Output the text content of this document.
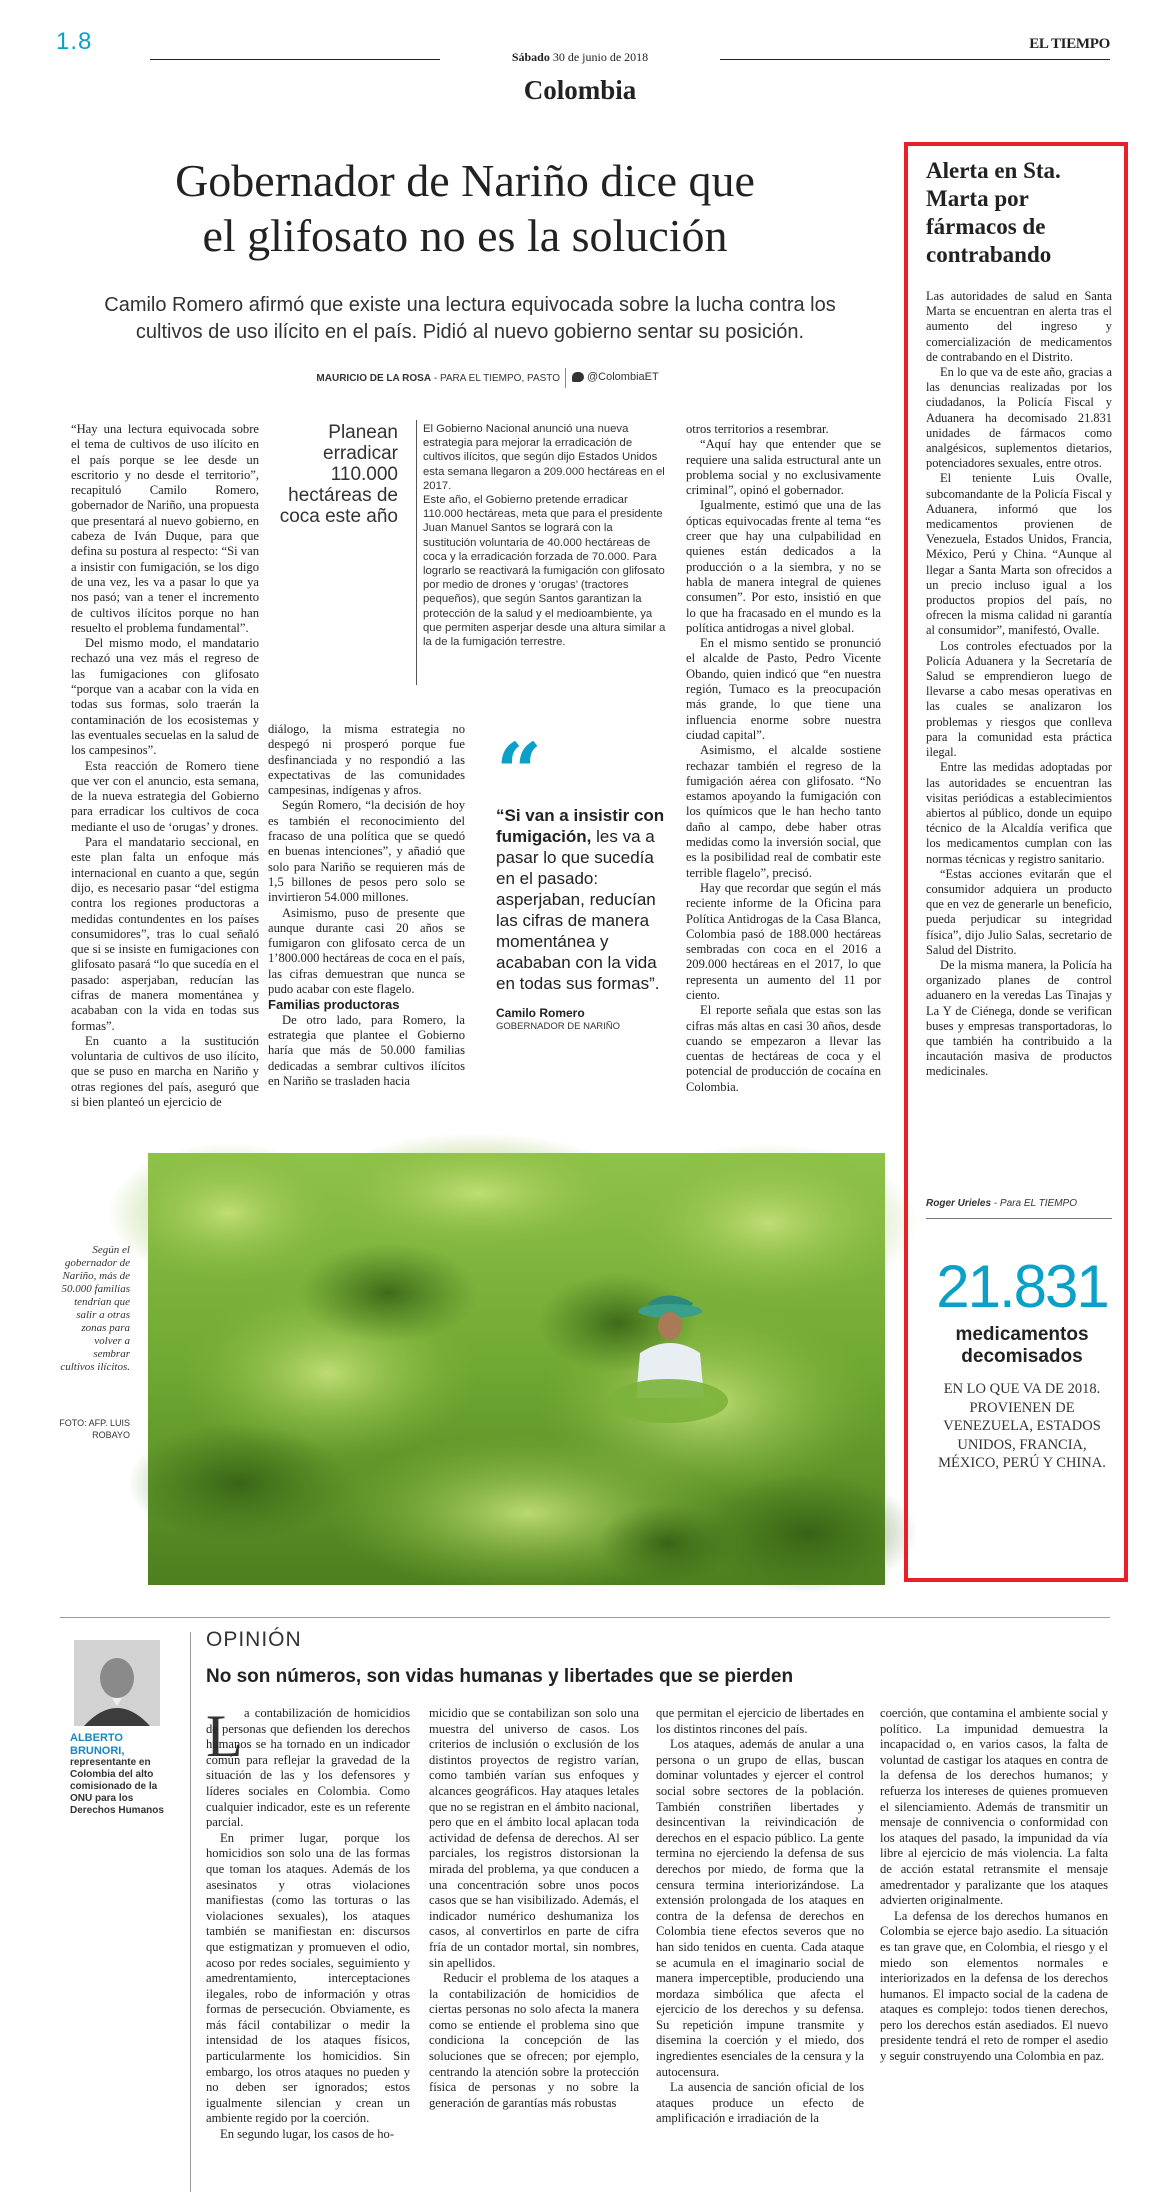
1.8
Sábado 30 de junio de 2018
EL TIEMPO
Colombia
Gobernador de Nariño dice que
el glifosato no es la solución
Camilo Romero afirmó que existe una lectura equivocada sobre la lucha contra los cultivos de uso ilícito en el país. Pidió al nuevo gobierno sentar su posición.
MAURICIO DE LA ROSA - PARA EL TIEMPO, PASTO	@ColombiaET

“Hay una lectura equivocada sobre el tema de cultivos de uso ilícito en el país porque se lee desde un escritorio y no desde el territorio”, recapituló Camilo Romero, gobernador de Nariño, una propuesta que presentará al nuevo gobierno, en cabeza de Iván Duque, para que defina su postura al respecto: “Si van a insistir con fumigación, se los digo de una vez, les va a pasar lo que ya nos pasó; van a tener el incremento de cultivos ilícitos porque no han resuelto el problema fundamental”.

Del mismo modo, el mandatario rechazó una vez más el regreso de las fumigaciones con glifosato “porque van a acabar con la vida en todas sus formas, solo traerán la contaminación de los ecosistemas y las eventuales secuelas en la salud de los campesinos”.

Esta reacción de Romero tiene que ver con el anuncio, esta semana, de la nueva estrategia del Gobierno para erradicar los cultivos de coca mediante el uso de ‘orugas’ y drones.

Para el mandatario seccional, en este plan falta un enfoque más internacional en cuanto a que, según dijo, es necesario pasar “del estigma contra los regiones productoras a medidas contundentes en los países consumidores”, tras lo cual señaló que si se insiste en fumigaciones con glifosato pasará “lo que sucedía en el pasado: asperjaban, reducían las cifras de manera momentánea y acababan con la vida en todas sus formas”.

En cuanto a la sustitución voluntaria de cultivos de uso ilícito, que se puso en marcha en Nariño y otras regiones del país, aseguró que si bien planteó un ejercicio de

Planean erradicar 110.000 hectáreas de coca este año

El Gobierno Nacional anunció una nueva estrategia para mejorar la erradicación de cultivos ilícitos, que según dijo Estados Unidos esta semana llegaron a 209.000 hectáreas en el 2017.

Este año, el Gobierno pretende erradicar 110.000 hectáreas, meta que para el presidente Juan Manuel Santos se logrará con la sustitución voluntaria de 40.000 hectáreas de coca y la erradicación forzada de 70.000. Para lograrlo se reactivará la fumigación con glifosato por medio de drones y ‘orugas’ (tractores pequeños), que según Santos garantizan la protección de la salud y el medioambiente, ya que permiten asperjar desde una altura similar a la de la fumigación terrestre.

diálogo, la misma estrategia no despegó ni prosperó porque fue desfinanciada y no respondió a las expectativas de las comunidades campesinas, indígenas y afros.

Según Romero, “la decisión de hoy es también el reconocimiento del fracaso de una política que se quedó en buenas intenciones”, y añadió que solo para Nariño se requieren más de 1,5 billones de pesos pero solo se invirtieron 54.000 millones.

Asimismo, puso de presente que aunque durante casi 20 años se fumigaron con glifosato cerca de un 1’800.000 hectáreas de coca en el país, las cifras demuestran que nunca se pudo acabar con este flagelo.

Familias productoras

De otro lado, para Romero, la estrategia que plantee el Gobierno haría que más de 50.000 familias dedicadas a sembrar cultivos ilícitos en Nariño se trasladen hacia

“
“Si van a insistir con fumigación, les va a pasar lo que sucedía en el pasado: asperjaban, reducían las cifras de manera momentánea y acababan con la vida en todas sus formas”.
Camilo Romero
GOBERNADOR DE NARIÑO

otros territorios a resembrar.

“Aquí hay que entender que se requiere una salida estructural ante un problema social y no exclusivamente criminal”, opinó el gobernador.

Igualmente, estimó que una de las ópticas equivocadas frente al tema “es creer que hay una culpabilidad en quienes están dedicados a la producción o a la siembra, y no se habla de manera integral de quienes consumen”. Por esto, insistió en que lo que ha fracasado en el mundo es la política antidrogas a nivel global.

En el mismo sentido se pronunció el alcalde de Pasto, Pedro Vicente Obando, quien indicó que “en nuestra región, Tumaco es la preocupación más grande, lo que tiene una influencia enorme sobre nuestra ciudad capital”.

Asimismo, el alcalde sostiene rechazar también el regreso de la fumigación aérea con glifosato. “No estamos apoyando la fumigación con los químicos que le han hecho tanto daño al campo, debe haber otras medidas como la inversión social, que es la posibilidad real de combatir este terrible flagelo”, precisó.

Hay que recordar que según el más reciente informe de la Oficina para Política Antidrogas de la Casa Blanca, Colombia pasó de 188.000 hectáreas sembradas con coca en el 2016 a 209.000 hectáreas en el 2017, lo que representa un aumento del 11 por ciento.

El reporte señala que estas son las cifras más altas en casi 30 años, desde cuando se empezaron a llevar las cuentas de hectáreas de coca y el potencial de producción de cocaína en Colombia.

Según el gobernador de Nariño, más de 50.000 familias tendrían que salir a otras zonas para volver a sembrar cultivos ilícitos.
FOTO: AFP. LUIS ROBAYO
Alerta en Sta. Marta por fármacos de contrabando

Las autoridades de salud en Santa Marta se encuentran en alerta tras el aumento del ingreso y comercialización de medicamentos de contrabando en el Distrito.

En lo que va de este año, gracias a las denuncias realizadas por los ciudadanos, la Policía Fiscal y Aduanera ha decomisado 21.831 unidades de fármacos como analgésicos, suplementos dietarios, potenciadores sexuales, entre otros.

El teniente Luis Ovalle, subcomandante de la Policía Fiscal y Aduanera, informó que los medicamentos provienen de Venezuela, Estados Unidos, Francia, México, Perú y China. “Aunque al llegar a Santa Marta son ofrecidos a un precio incluso igual a los productos propios del país, no ofrecen la misma calidad ni garantía al consumidor”, manifestó, Ovalle.

Los controles efectuados por la Policía Aduanera y la Secretaría de Salud se emprendieron luego de llevarse a cabo mesas operativas en las cuales se analizaron los problemas y riesgos que conlleva para la comunidad esta práctica ilegal.

Entre las medidas adoptadas por las autoridades se encuentran las visitas periódicas a establecimientos abiertos al público, donde un equipo técnico de la Alcaldía verifica que los medicamentos cumplan con las normas técnicas y registro sanitario.

“Estas acciones evitarán que el consumidor adquiera un producto que en vez de generarle un beneficio, pueda perjudicar su integridad física”, dijo Julio Salas, secretario de Salud del Distrito.

De la misma manera, la Policía ha organizado planes de control aduanero en la veredas Las Tinajas y La Y de Ciénega, donde se verifican buses y empresas transportadoras, lo que también ha contribuido a la incautación masiva de productos medicinales.

Roger Urieles - Para EL TIEMPO
21.831
medicamentos decomisados
EN LO QUE VA DE 2018. PROVIENEN DE VENEZUELA, ESTADOS UNIDOS, FRANCIA, MÉXICO, PERÚ Y CHINA.
ALBERTO BRUNORI,
representante en Colombia del alto comisionado de la ONU para los Derechos Humanos
OPINIÓN
No son números, son vidas humanas y libertades que se pierden
L a contabilización de homicidios de personas que defienden los derechos humanos se ha tornado en un indicador común para reflejar la gravedad de la situación de las y los defensores y líderes sociales en Colombia. Como cualquier indicador, este es un referente parcial.

En primer lugar, porque los homicidios son solo una de las formas que toman los ataques. Además de los asesinatos y otras violaciones manifiestas (como las torturas o las violaciones sexuales), los ataques también se manifiestan en: discursos que estigmatizan y promueven el odio, acoso por redes sociales, seguimiento y amedrentamiento, interceptaciones ilegales, robo de información y otras formas de persecución. Obviamente, es más fácil contabilizar o medir la intensidad de los ataques físicos, particularmente los homicidios. Sin embargo, los otros ataques no pueden y no deben ser ignorados; estos igualmente silencian y crean un ambiente regido por la coerción.

En segundo lugar, los casos de ho-

micidio que se contabilizan son solo una muestra del universo de casos. Los criterios de inclusión o exclusión de los distintos proyectos de registro varían, como también varían sus enfoques y alcances geográficos. Hay ataques letales que no se registran en el ámbito nacional, pero que en el ámbito local aplacan toda actividad de defensa de derechos. Al ser parciales, los registros distorsionan la mirada del problema, ya que conducen a una concentración sobre unos pocos casos que se han visibilizado. Además, el indicador numérico deshumaniza los casos, al convertirlos en parte de cifra fría de un contador mortal, sin nombres, sin apellidos.

Reducir el problema de los ataques a la contabilización de homicidios de ciertas personas no solo afecta la manera como se entiende el problema sino que condiciona la concepción de las soluciones que se ofrecen; por ejemplo, centrando la atención sobre la protección física de personas y no sobre la generación de garantías más robustas

que permitan el ejercicio de libertades en los distintos rincones del país.

Los ataques, además de anular a una persona o un grupo de ellas, buscan dominar voluntades y ejercer el control social sobre sectores de la población. También constriñen libertades y desincentivan la reivindicación de derechos en el espacio público. La gente termina no ejerciendo la defensa de sus derechos por miedo, de forma que la censura termina interiorizándose. La extensión prolongada de los ataques en contra de la defensa de derechos en Colombia tiene efectos severos que no han sido tenidos en cuenta. Cada ataque se acumula en el imaginario social de manera imperceptible, produciendo una mordaza simbólica que afecta el ejercicio de los derechos y su defensa. Su repetición impune transmite y disemina la coerción y el miedo, dos ingredientes esenciales de la censura y la autocensura.

La ausencia de sanción oficial de los ataques produce un efecto de amplificación e irradiación de la

coerción, que contamina el ambiente social y político. La impunidad demuestra la incapacidad o, en varios casos, la falta de voluntad de castigar los ataques en contra de la defensa de los derechos humanos; y refuerza los intereses de quienes promueven el silenciamiento. Además de transmitir un mensaje de connivencia o conformidad con los ataques del pasado, la impunidad da vía libre al ejercicio de más violencia. La falta de acción estatal retransmite el mensaje amedrentador y paralizante que los ataques advierten originalmente.

La defensa de los derechos humanos en Colombia se ejerce bajo asedio. La situación es tan grave que, en Colombia, el riesgo y el miedo son elementos normales e interiorizados en la defensa de los derechos humanos. El impacto social de la cadena de ataques es complejo: todos tienen derechos, pero los derechos están asediados. El nuevo presidente tendrá el reto de romper el asedio y seguir construyendo una Colombia en paz.
